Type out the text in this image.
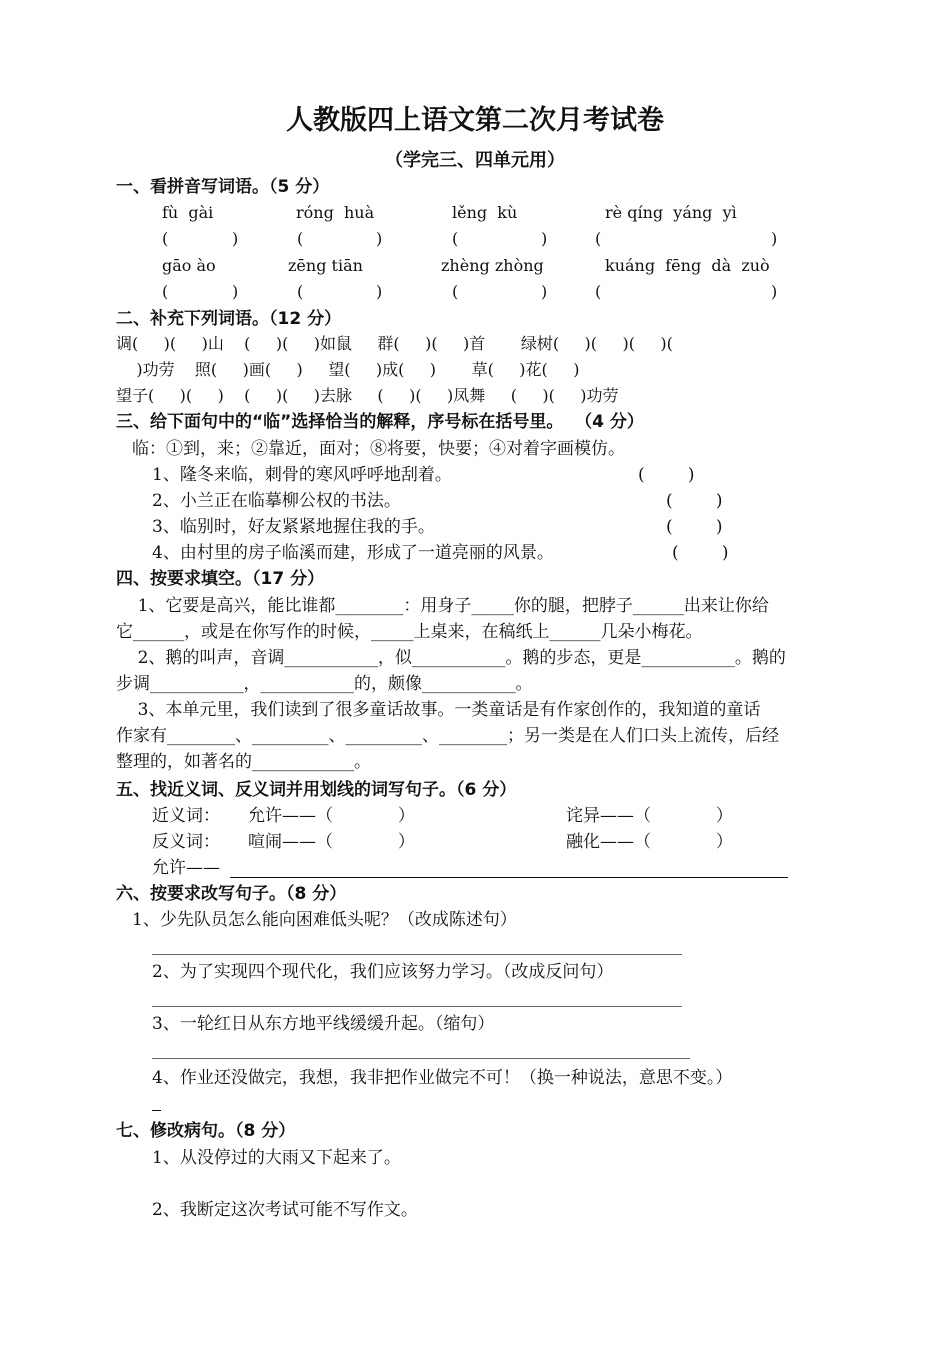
人教版四上语文第二次月考试卷
（学完三、四单元用）
一、看拼音写词语。（5 分）
fù  gài	róng  huà	lěng  kù	rè qíng  yáng  yì
(	)	(	)	(	)	(	)
gāo ào	zēng tiān	zhèng zhòng	kuáng  fēng  dà  zuò
(	)	(	)	(	)	(	)
二、补充下列词语。（12 分）
调(     )(     )山    (     )(     )如鼠     群(     )(     )首       绿树(     )(     )(     )(
)功劳    照(     )画(     )     望(     )成(     )       草(     )花(     )
望子(     )(     )    (     )(     )去脉     (     )(     )凤舞     (     )(     )功劳
三、给下面句中的“临”选择恰当的解释，序号标在括号里。  （4 分）
临：①到，来；②靠近，面对；⑧将要，快要；④对着字画模仿。
1、隆冬来临，刺骨的寒风呼呼地刮着。	(        )
2、小兰正在临摹柳公权的书法。	(        )
3、临别时，好友紧紧地握住我的手。	(        )
4、由村里的房子临溪而建，形成了一道亮丽的风景。	(        )
四、按要求填空。（17 分）
1、它要是高兴，能比谁都________：用身子_____你的腿，把脖子______出来让你给
它______，或是在你写作的时候，_____上桌来，在稿纸上______几朵小梅花。
2、鹅的叫声，音调___________，似___________。鹅的步态，更是___________。鹅的
步调___________，___________的，颇像___________。
3、本单元里，我们读到了很多童话故事。一类童话是有作家创作的，我知道的童话
作家有________、_________、_________、________；另一类是在人们口头上流传，后经
整理的，如著名的____________。
五、找近义词、反义词并用划线的词写句子。（6 分）
近义词： 允许——（            ）	诧异——（            ）
反义词： 喧闹——（            ）	融化——（            ）
允许——
六、按要求改写句子。（8 分）
1、少先队员怎么能向困难低头呢？（改成陈述句）
2、为了实现四个现代化，我们应该努力学习。（改成反问句）
3、一轮红日从东方地平线缓缓升起。（缩句）
4、作业还没做完，我想，我非把作业做完不可！（换一种说法，意思不变。）
七、修改病句。（8 分）
1、从没停过的大雨又下起来了。
2、我断定这次考试可能不写作文。
